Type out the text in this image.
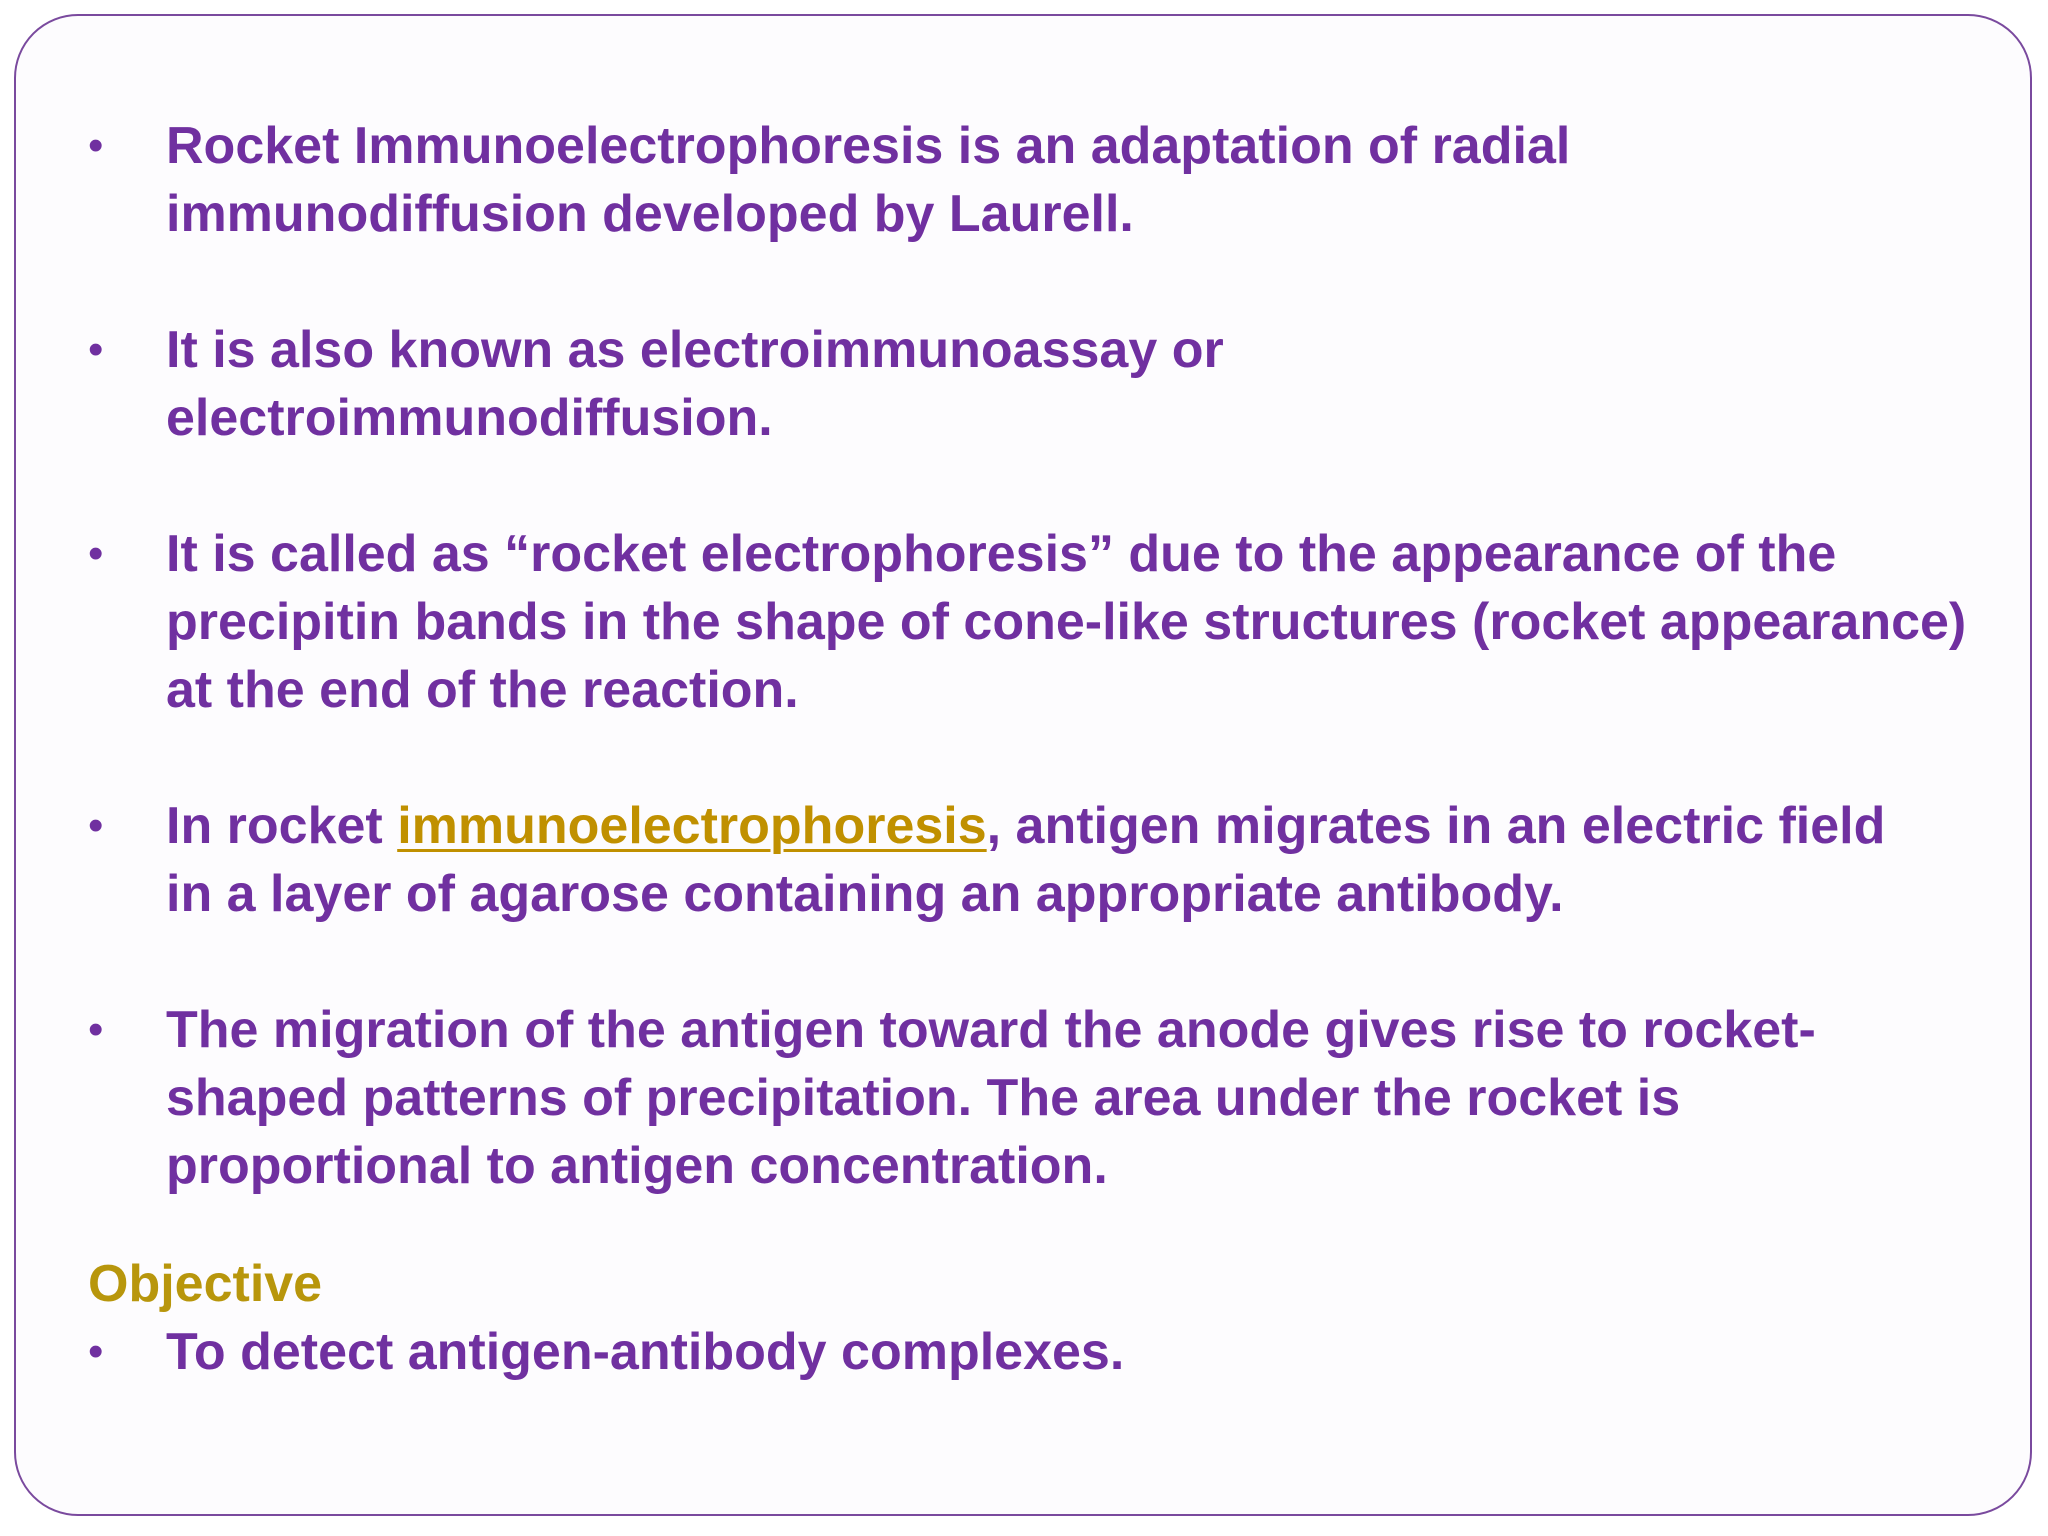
• Rocket Immunoelectrophoresis is an adaptation of radial immunodiffusion developed by Laurell.
• It is also known as electroimmunoassay or electroimmunodiffusion.
• It is called as “rocket electrophoresis” due to the appearance of the precipitin bands in the shape of cone-like structures (rocket appearance) at the end of the reaction.
• In rocket immunoelectrophoresis, antigen migrates in an electric field in a layer of agarose containing an appropriate antibody.
• The migration of the antigen toward the anode gives rise to rocket-shaped patterns of precipitation. The area under the rocket is proportional to antigen concentration.
Objective
• To detect antigen-antibody complexes.
